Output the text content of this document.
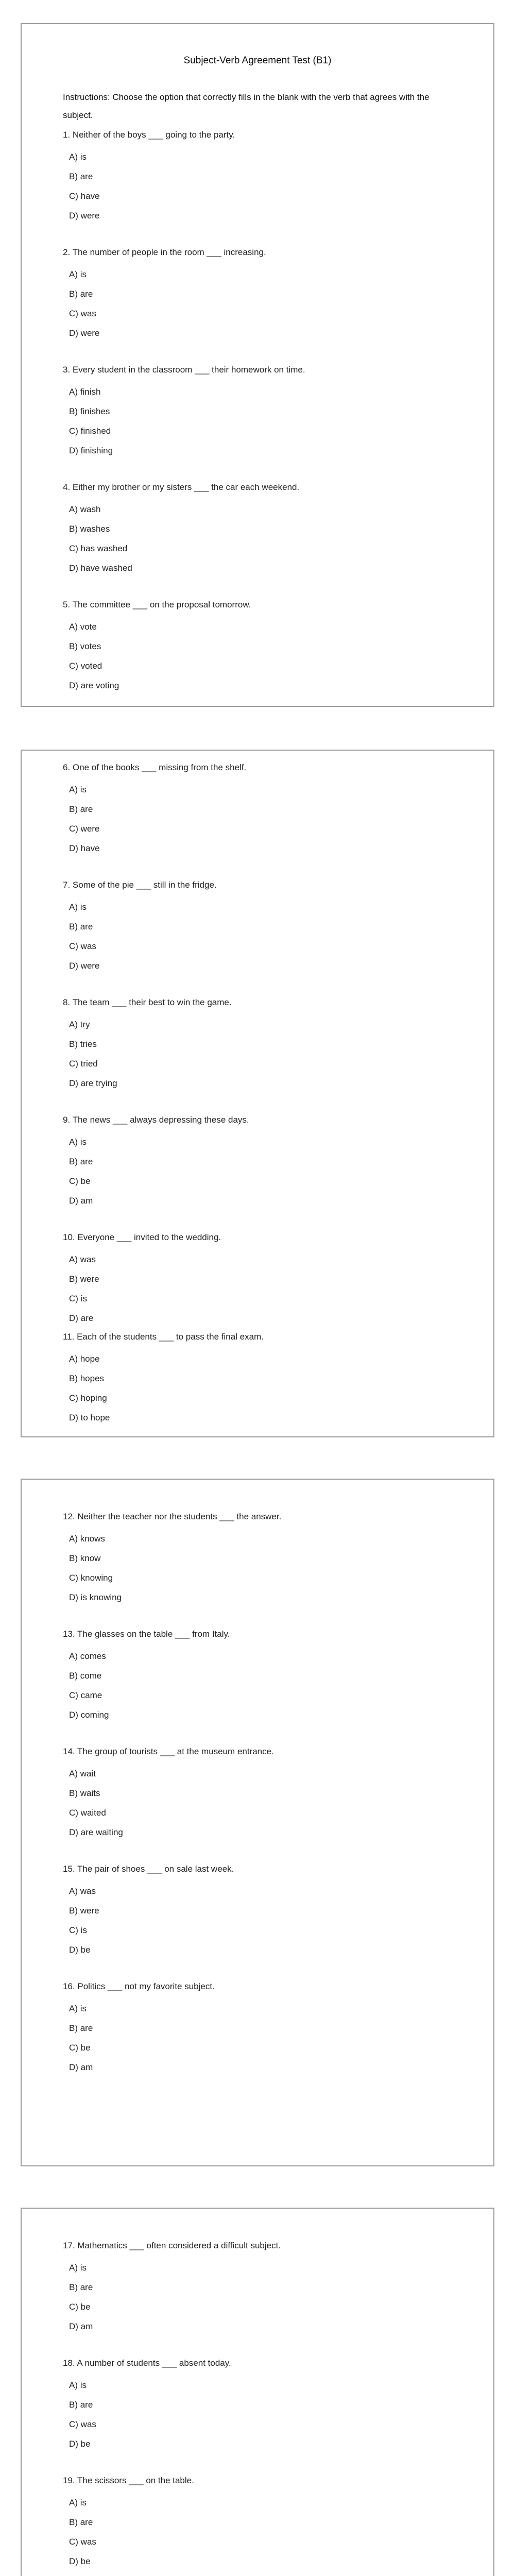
Subject-Verb Agreement Test (B1)
Instructions: Choose the option that correctly fills in the blank with the verb that agrees with the subject.
1. Neither of the boys ___ going to the party.
A) is
B) are
C) have
D) were
2. The number of people in the room ___ increasing.
A) is
B) are
C) was
D) were
3. Every student in the classroom ___ their homework on time.
A) finish
B) finishes
C) finished
D) finishing
4. Either my brother or my sisters ___ the car each weekend.
A) wash
B) washes
C) has washed
D) have washed
5. The committee ___ on the proposal tomorrow.
A) vote
B) votes
C) voted
D) are voting
6. One of the books ___ missing from the shelf.
A) is
B) are
C) were
D) have
7. Some of the pie ___ still in the fridge.
A) is
B) are
C) was
D) were
8. The team ___ their best to win the game.
A) try
B) tries
C) tried
D) are trying
9. The news ___ always depressing these days.
A) is
B) are
C) be
D) am
10. Everyone ___ invited to the wedding.
A) was
B) were
C) is
D) are
11. Each of the students ___ to pass the final exam.
A) hope
B) hopes
C) hoping
D) to hope
12. Neither the teacher nor the students ___ the answer.
A) knows
B) know
C) knowing
D) is knowing
13. The glasses on the table ___ from Italy.
A) comes
B) come
C) came
D) coming
14. The group of tourists ___ at the museum entrance.
A) wait
B) waits
C) waited
D) are waiting
15. The pair of shoes ___ on sale last week.
A) was
B) were
C) is
D) be
16. Politics ___ not my favorite subject.
A) is
B) are
C) be
D) am
17. Mathematics ___ often considered a difficult subject.
A) is
B) are
C) be
D) am
18. A number of students ___ absent today.
A) is
B) are
C) was
D) be
19. The scissors ___ on the table.
A) is
B) are
C) was
D) be
